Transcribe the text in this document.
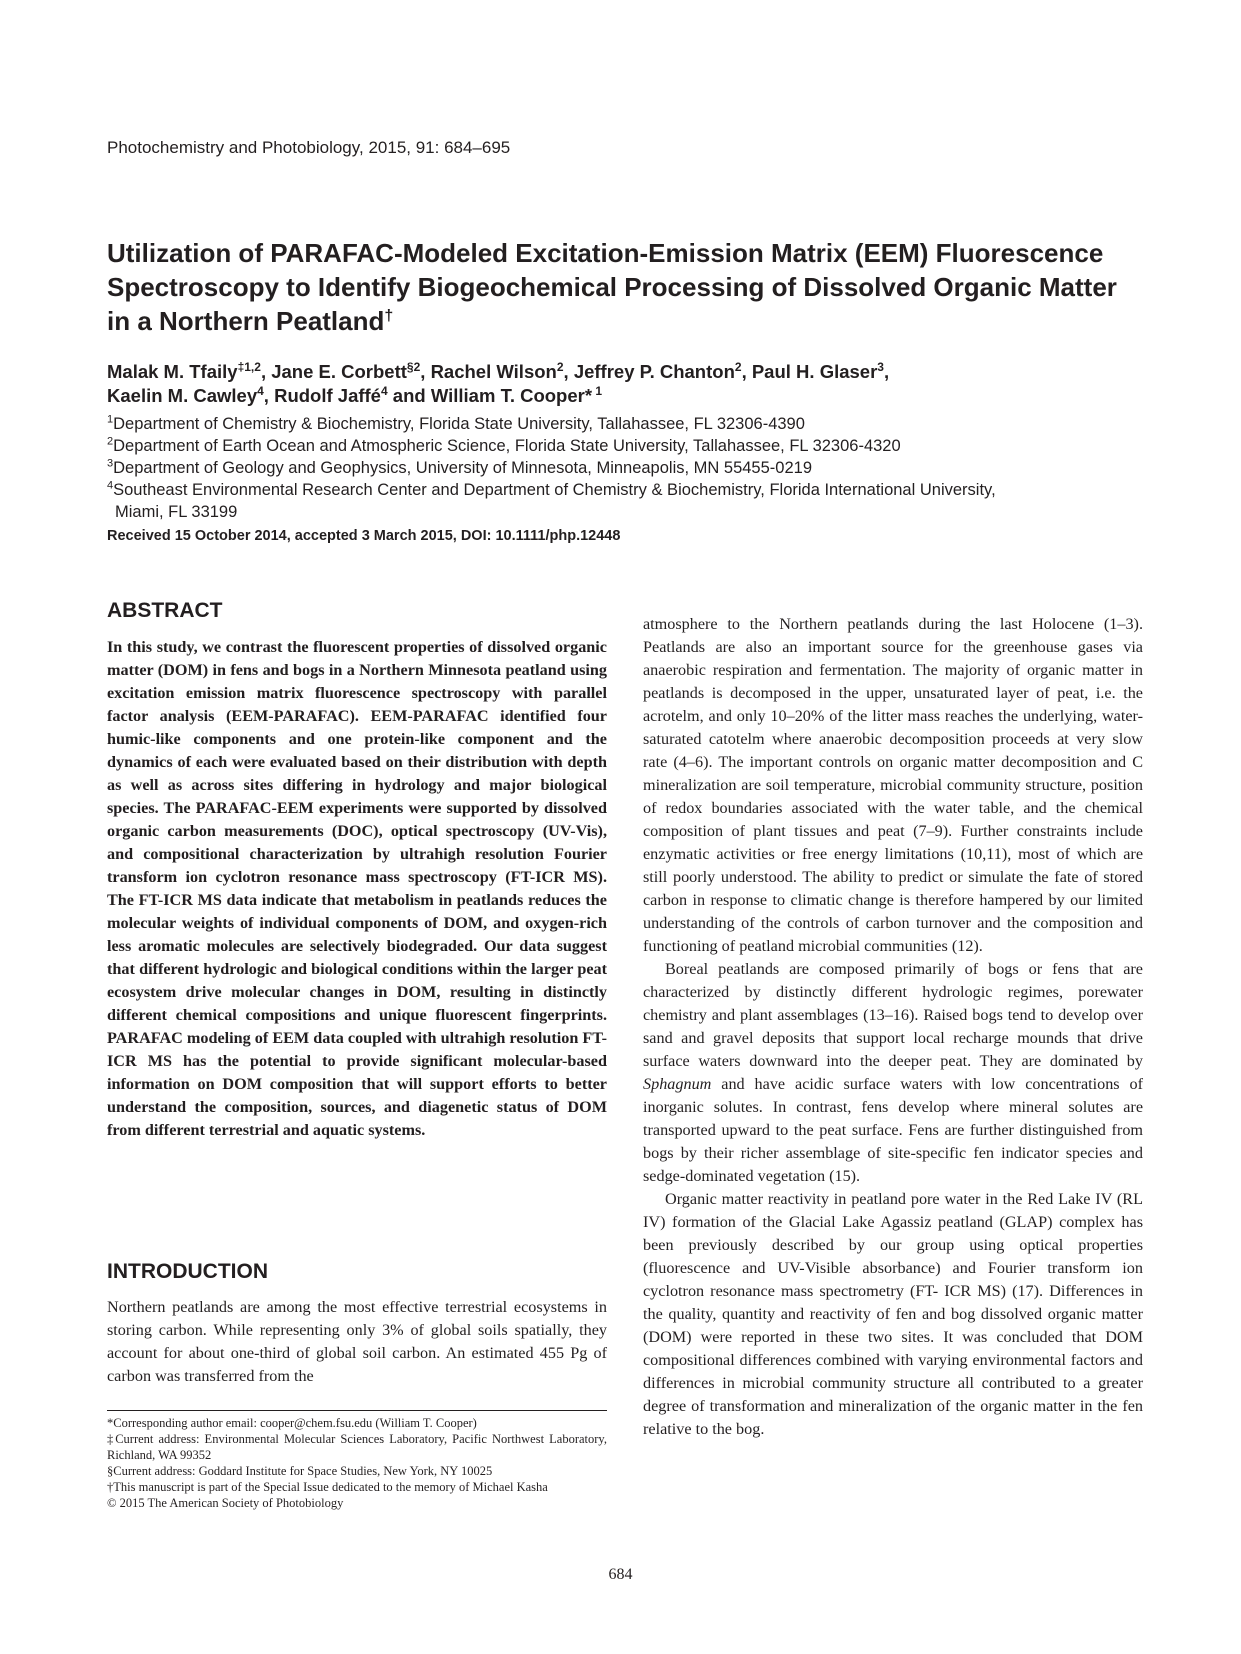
Photochemistry and Photobiology, 2015, 91: 684–695
Utilization of PARAFAC-Modeled Excitation-Emission Matrix (EEM) Fluorescence Spectroscopy to Identify Biogeochemical Processing of Dissolved Organic Matter in a Northern Peatland†

Malak M. Tfaily$^{\ddagger 1,2}$, Jane E. Corbett$^{\S 2}$, Rachel Wilson$^2$, Jeffrey P. Chanton$^2$, Paul H. Glaser$^3$,
Kaelin M. Cawley$^4$, Rudolf Jaffé$^4$ and William T. Cooper* $^1$

$^1$Department of Chemistry & Biochemistry, Florida State University, Tallahassee, FL 32306-4390
$^2$Department of Earth Ocean and Atmospheric Science, Florida State University, Tallahassee, FL 32306-4320
$^3$Department of Geology and Geophysics, University of Minnesota, Minneapolis, MN 55455-0219
$^4$Southeast Environmental Research Center and Department of Chemistry & Biochemistry, Florida International University,
Miami, FL 33199
Received 15 October 2014, accepted 3 March 2015, DOI: 10.1111/php.12448
ABSTRACT

In this study, we contrast the fluorescent properties of dissolved organic matter (DOM) in fens and bogs in a Northern Minnesota peatland using excitation emission matrix fluorescence spectroscopy with parallel factor analysis (EEM-PARAFAC). EEM-PARAFAC identified four humic-like components and one protein-like component and the dynamics of each were evaluated based on their distribution with depth as well as across sites differing in hydrology and major biological species. The PARAFAC-EEM experiments were supported by dissolved organic carbon measurements (DOC), optical spectroscopy (UV-Vis), and compositional characterization by ultrahigh resolution Fourier transform ion cyclotron resonance mass spectroscopy (FT-ICR MS). The FT-ICR MS data indicate that metabolism in peatlands reduces the molecular weights of individual components of DOM, and oxygen-rich less aromatic molecules are selectively biodegraded. Our data suggest that different hydrologic and biological conditions within the larger peat ecosystem drive molecular changes in DOM, resulting in distinctly different chemical compositions and unique fluorescent fingerprints. PARAFAC modeling of EEM data coupled with ultrahigh resolution FT-ICR MS has the potential to provide significant molecular-based information on DOM composition that will support efforts to better understand the composition, sources, and diagenetic status of DOM from different terrestrial and aquatic systems.

INTRODUCTION

Northern peatlands are among the most effective terrestrial ecosystems in storing carbon. While representing only 3% of global soils spatially, they account for about one-third of global soil carbon. An estimated 455 Pg of carbon was transferred from the

*Corresponding author email: cooper@chem.fsu.edu (William T. Cooper)

‡Current address: Environmental Molecular Sciences Laboratory, Pacific Northwest Laboratory, Richland, WA 99352

§Current address: Goddard Institute for Space Studies, New York, NY 10025

†This manuscript is part of the Special Issue dedicated to the memory of Michael Kasha

© 2015 The American Society of Photobiology

atmosphere to the Northern peatlands during the last Holocene (1–3). Peatlands are also an important source for the greenhouse gases via anaerobic respiration and fermentation. The majority of organic matter in peatlands is decomposed in the upper, unsaturated layer of peat, i.e. the acrotelm, and only 10–20% of the litter mass reaches the underlying, water-saturated catotelm where anaerobic decomposition proceeds at very slow rate (4–6). The important controls on organic matter decomposition and C mineralization are soil temperature, microbial community structure, position of redox boundaries associated with the water table, and the chemical composition of plant tissues and peat (7–9). Further constraints include enzymatic activities or free energy limitations (10,11), most of which are still poorly understood. The ability to predict or simulate the fate of stored carbon in response to climatic change is therefore hampered by our limited understanding of the controls of carbon turnover and the composition and functioning of peatland microbial communities (12).

Boreal peatlands are composed primarily of bogs or fens that are characterized by distinctly different hydrologic regimes, porewater chemistry and plant assemblages (13–16). Raised bogs tend to develop over sand and gravel deposits that support local recharge mounds that drive surface waters downward into the deeper peat. They are dominated by Sphagnum and have acidic surface waters with low concentrations of inorganic solutes. In contrast, fens develop where mineral solutes are transported upward to the peat surface. Fens are further distinguished from bogs by their richer assemblage of site-specific fen indicator species and sedge-dominated vegetation (15).

Organic matter reactivity in peatland pore water in the Red Lake IV (RL IV) formation of the Glacial Lake Agassiz peatland (GLAP) complex has been previously described by our group using optical properties (fluorescence and UV-Visible absorbance) and Fourier transform ion cyclotron resonance mass spectrometry (FT- ICR MS) (17). Differences in the quality, quantity and reactivity of fen and bog dissolved organic matter (DOM) were reported in these two sites. It was concluded that DOM compositional differences combined with varying environmental factors and differences in microbial community structure all contributed to a greater degree of transformation and mineralization of the organic matter in the fen relative to the bog.

684
